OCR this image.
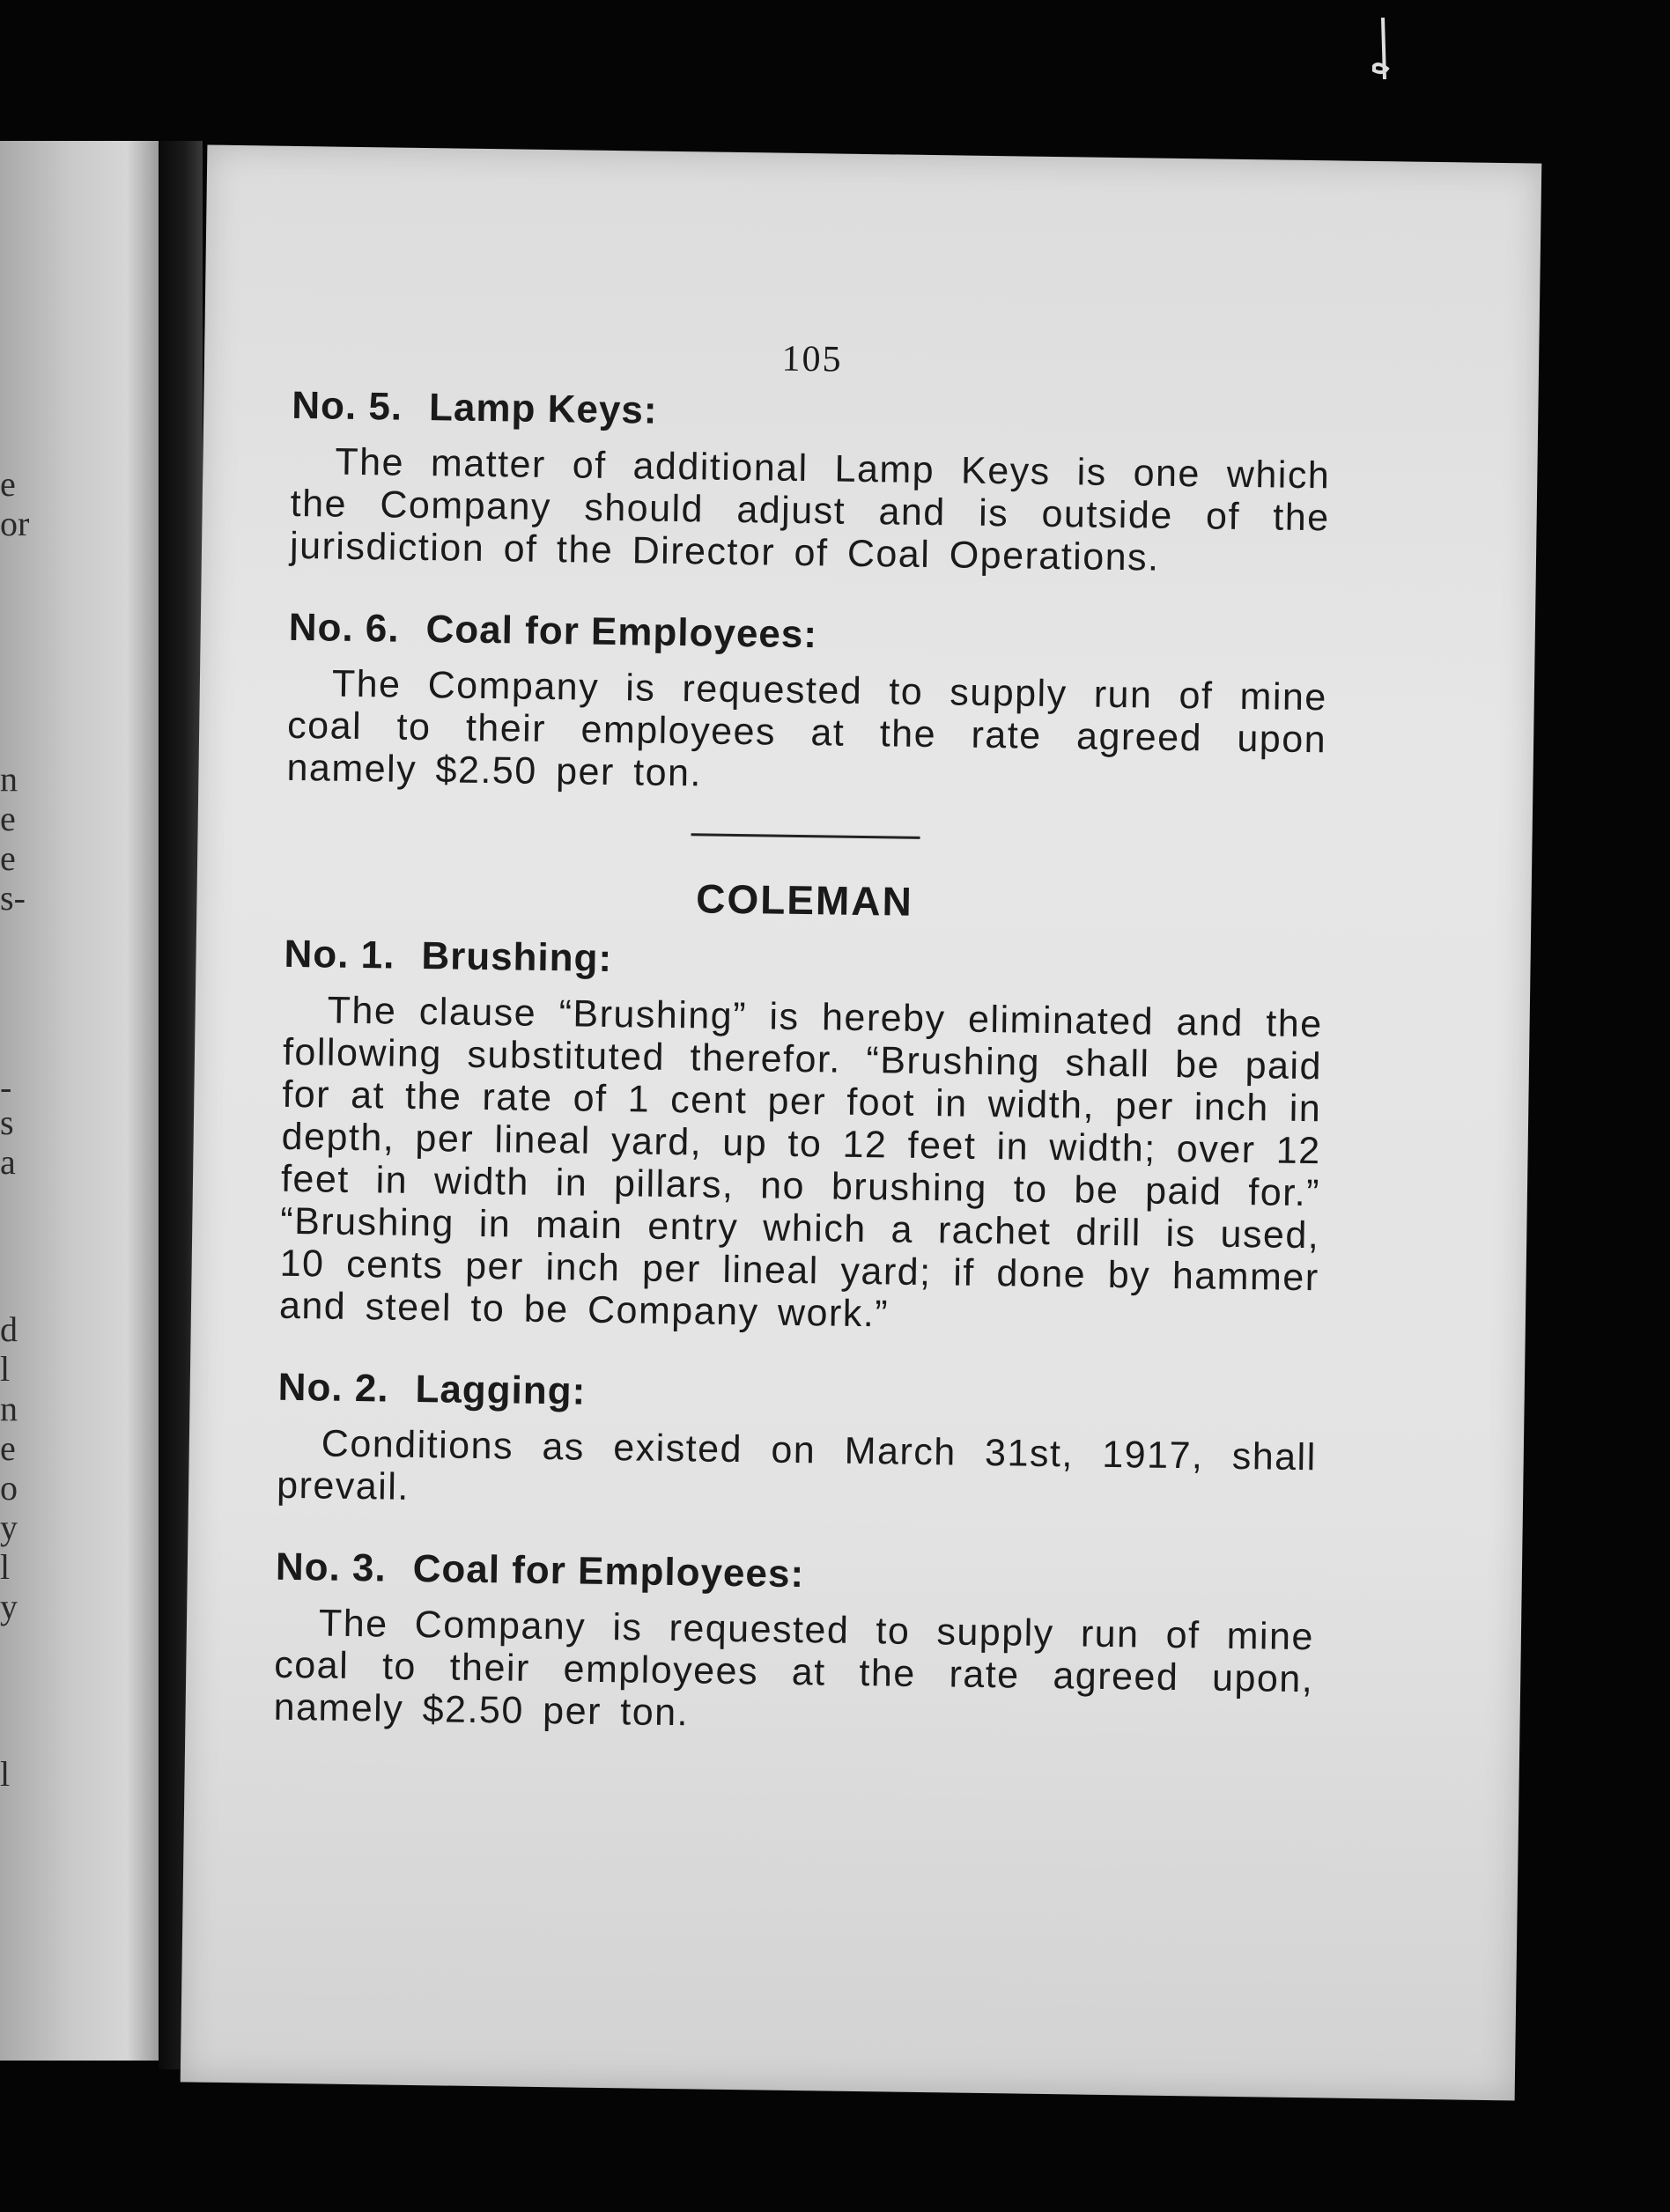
e
or
n
e
e
s-
-
s
a
d
l
n
e
o
y
l
y
l
105
No. 5. Lamp Keys:

The matter of additional Lamp Keys is one which the Company should adjust and is outside of the jurisdiction of the Director of Coal Operations.

No. 6. Coal for Employees:

The Company is requested to supply run of mine coal to their employees at the rate agreed upon namely $2.50 per ton.

COLEMAN
No. 1. Brushing:

The clause “Brushing” is hereby eliminated and the following substituted therefor. “Brushing shall be paid for at the rate of 1 cent per foot in width, per inch in depth, per lineal yard, up to 12 feet in width; over 12 feet in width in pillars, no brushing to be paid for.” “Brushing in main entry which a rachet drill is used, 10 cents per inch per lineal yard; if done by hammer and steel to be Company work.”

No. 2. Lagging:

Conditions as existed on March 31st, 1917, shall prevail.

No. 3. Coal for Employees:

The Company is requested to supply run of mine coal to their employees at the rate agreed upon, namely $2.50 per ton.
